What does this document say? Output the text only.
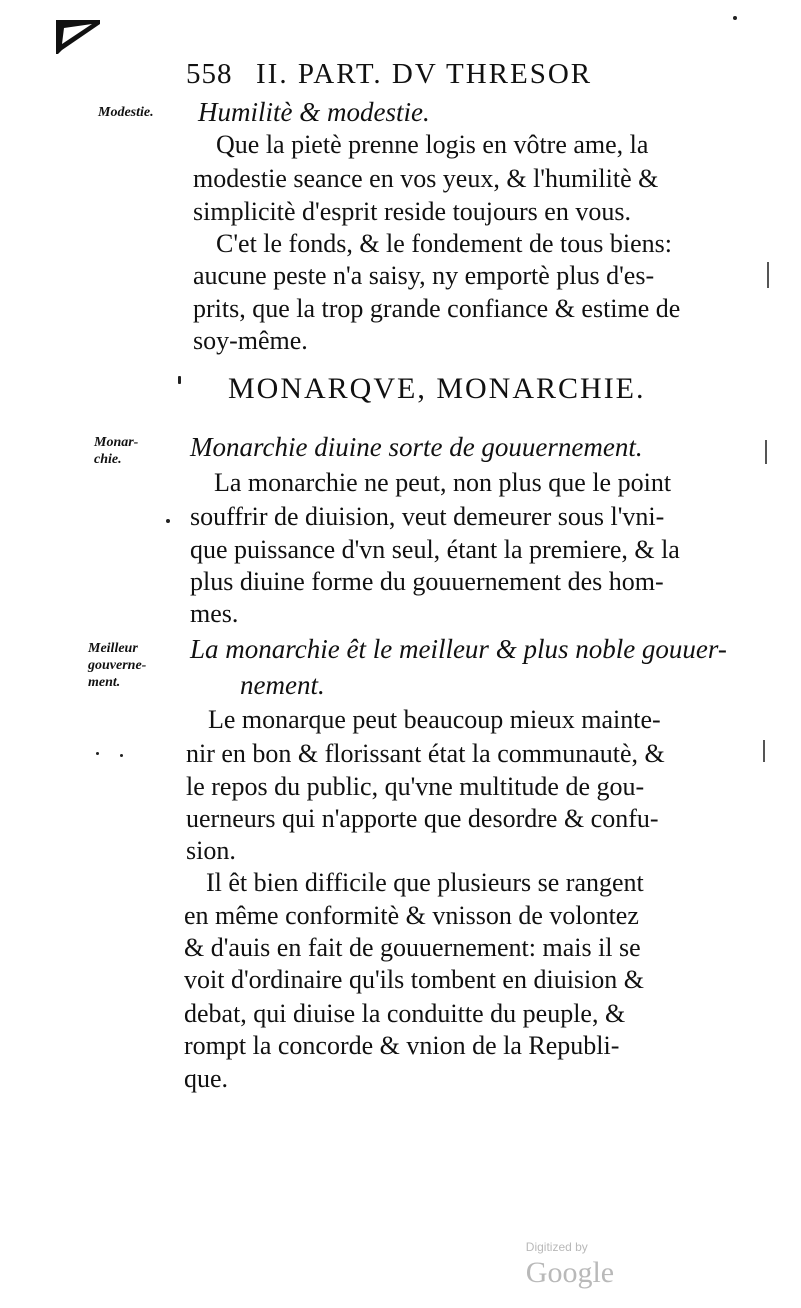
558 II. PART. DV THRESOR
Modestie.
Monar-
chie.
Meilleur
gouverne-
ment.
Humilitè & modestie.
Que la pietè prenne logis en vôtre ame, la
modestie seance en vos yeux, & l'humilitè &
simplicitè d'esprit reside toujours en vous.
C'et le fonds, & le fondement de tous biens:
aucune peste n'a saisy, ny emportè plus d'es-
prits, que la trop grande confiance & estime de
soy-même.
MONARQVE, MONARCHIE.
Monarchie diuine sorte de gouuernement.
La monarchie ne peut, non plus que le point
souffrir de diuision, veut demeurer sous l'vni-
que puissance d'vn seul, étant la premiere, & la
plus diuine forme du gouuernement des hom-
mes.
La monarchie êt le meilleur & plus noble gouuer-
nement.
Le monarque peut beaucoup mieux mainte-
nir en bon & florissant état la communautè, &
le repos du public, qu'vne multitude de gou-
uerneurs qui n'apporte que desordre & confu-
sion.
Il êt bien difficile que plusieurs se rangent
en même conformitè & vnisson de volontez
& d'auis en fait de gouuernement: mais il se
voit d'ordinaire qu'ils tombent en diuision &
debat, qui diuise la conduitte du peuple, &
rompt la concorde & vnion de la Republi-
que.

Digitized by
Google
